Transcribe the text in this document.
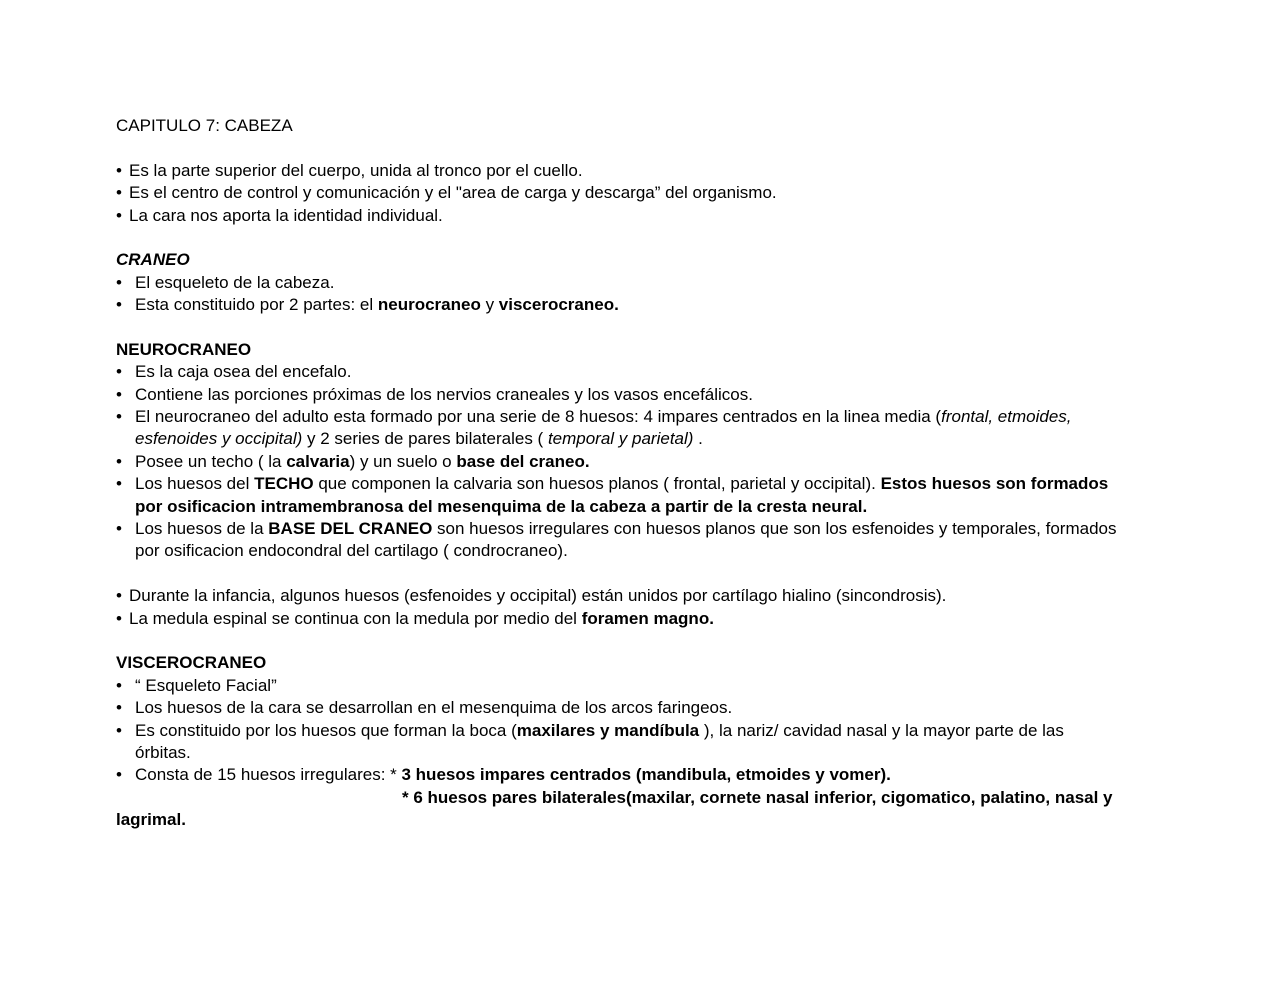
CAPITULO 7: CABEZA
• Es la parte superior del cuerpo, unida al tronco por el cuello.
• Es el centro de control y comunicación y el "area de carga y descarga” del organismo.
• La cara nos aporta la identidad individual.
CRANEO
• El esqueleto de la cabeza.
• Esta constituido por 2 partes: el neurocraneo y viscerocraneo.
NEUROCRANEO
• Es la caja osea del encefalo.
• Contiene las porciones próximas de los nervios craneales y los vasos encefálicos.
• El neurocraneo del adulto esta formado por una serie de 8 huesos: 4 impares centrados en la linea media (frontal, etmoides,
esfenoides y occipital) y 2 series de pares bilaterales ( temporal y parietal) .
• Posee un techo ( la calvaria) y un suelo o base del craneo.
• Los huesos del TECHO que componen la calvaria son huesos planos ( frontal, parietal y occipital). Estos huesos son formados
por osificacion intramembranosa del mesenquima de la cabeza a partir de la cresta neural.
• Los huesos de la BASE DEL CRANEO son huesos irregulares con huesos planos que son los esfenoides y temporales, formados
por osificacion endocondral del cartilago ( condrocraneo).
• Durante la infancia, algunos huesos (esfenoides y occipital) están unidos por cartílago hialino (sincondrosis).
• La medula espinal se continua con la medula por medio del foramen magno.
VISCEROCRANEO
• “ Esqueleto Facial”
• Los huesos de la cara se desarrollan en el mesenquima de los arcos faringeos.
• Es constituido por los huesos que forman la boca (maxilares y mandíbula ), la nariz/ cavidad nasal y la mayor parte de las
órbitas.
• Consta de 15 huesos irregulares: * 3 huesos impares centrados (mandibula, etmoides y vomer).
* 6 huesos pares bilaterales(maxilar, cornete nasal inferior, cigomatico, palatino, nasal y
lagrimal.
